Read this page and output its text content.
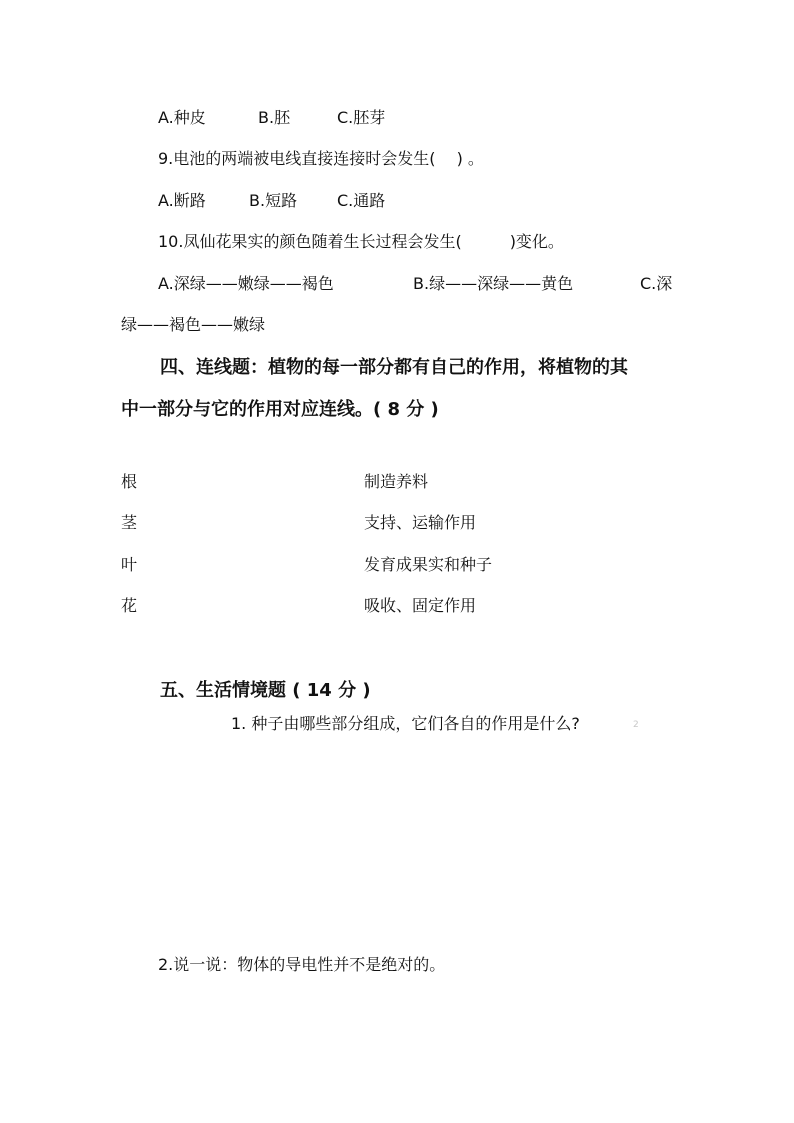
A.种皮	B.胚	C.胚芽
9.电池的两端被电线直接连接时会发生(　 ) 。
A.断路	B.短路 C.通路
10.凤仙花果实的颜色随着生长过程会发生(　　　)变化。
A.深绿——嫩绿——褐色	B.绿——深绿——黄色	C.深
绿——褐色——嫩绿
四、连线题：植物的每一部分都有自己的作用，将植物的其
中一部分与它的作用对应连线。( 8 分 )
根	制造养料
茎	支持、运输作用
叶	发育成果实和种子
花	吸收、固定作用
五、生活情境题 ( 14 分 )
1. 种子由哪些部分组成，它们各自的作用是什么?	2
2.说一说：物体的导电性并不是绝对的。
